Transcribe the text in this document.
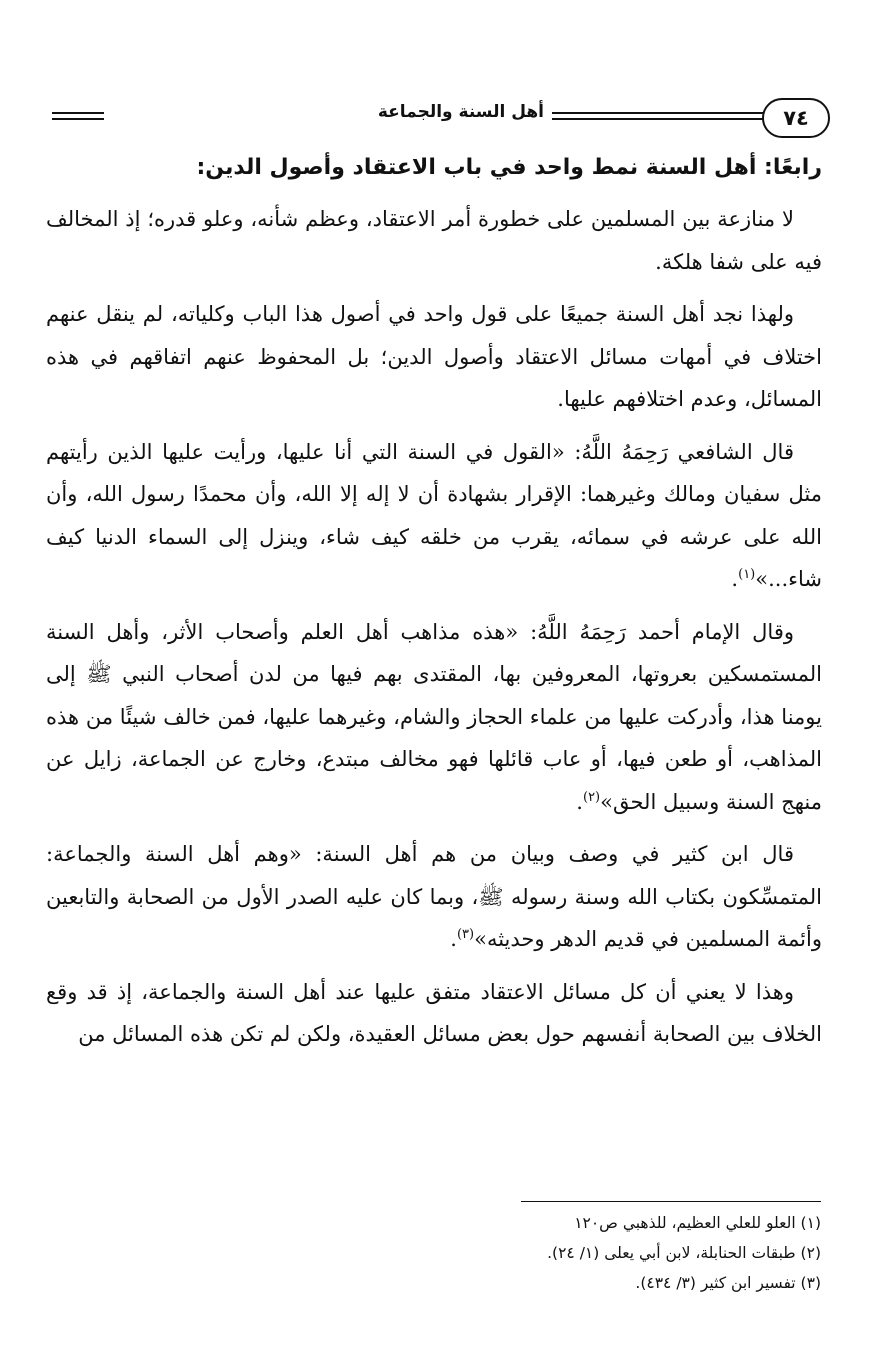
٧٤
أهل السنة والجماعة
رابعًا: أهل السنة نمط واحد في باب الاعتقاد وأصول الدين:

لا منازعة بين المسلمين على خطورة أمر الاعتقاد، وعظم شأنه، وعلو قدره؛ إذ المخالف فيه على شفا هلكة.

ولهذا نجد أهل السنة جميعًا على قول واحد في أصول هذا الباب وكلياته، لم ينقل عنهم اختلاف في أمهات مسائل الاعتقاد وأصول الدين؛ بل المحفوظ عنهم اتفاقهم في هذه المسائل، وعدم اختلافهم عليها.

قال الشافعي رَحِمَهُ اللَّهُ: «القول في السنة التي أنا عليها، ورأيت عليها الذين رأيتهم مثل سفيان ومالك وغيرهما: الإقرار بشهادة أن لا إله إلا الله، وأن محمدًا رسول الله، وأن الله على عرشه في سمائه، يقرب من خلقه كيف شاء، وينزل إلى السماء الدنيا كيف شاء...»$^{(١)}$.

وقال الإمام أحمد رَحِمَهُ اللَّهُ: «هذه مذاهب أهل العلم وأصحاب الأثر، وأهل السنة المستمسكين بعروتها، المعروفين بها، المقتدى بهم فيها من لدن أصحاب النبي ﷺ إلى يومنا هذا، وأدركت عليها من علماء الحجاز والشام، وغيرهما عليها، فمن خالف شيئًا من هذه المذاهب، أو طعن فيها، أو عاب قائلها فهو مخالف مبتدع، وخارج عن الجماعة، زايل عن منهج السنة وسبيل الحق»$^{(٢)}$.

قال ابن كثير في وصف وبيان من هم أهل السنة: «وهم أهل السنة والجماعة: المتمسِّكون بكتاب الله وسنة رسوله ﷺ، وبما كان عليه الصدر الأول من الصحابة والتابعين وأئمة المسلمين في قديم الدهر وحديثه»$^{(٣)}$.

وهذا لا يعني أن كل مسائل الاعتقاد متفق عليها عند أهل السنة والجماعة، إذ قد وقع الخلاف بين الصحابة أنفسهم حول بعض مسائل العقيدة، ولكن لم تكن هذه المسائل من

(١) العلو للعلي العظيم، للذهبي ص١٢٠
(٢) طبقات الحنابلة، لابن أبي يعلى (١/ ٢٤).
(٣) تفسير ابن كثير (٣/ ٤٣٤).
